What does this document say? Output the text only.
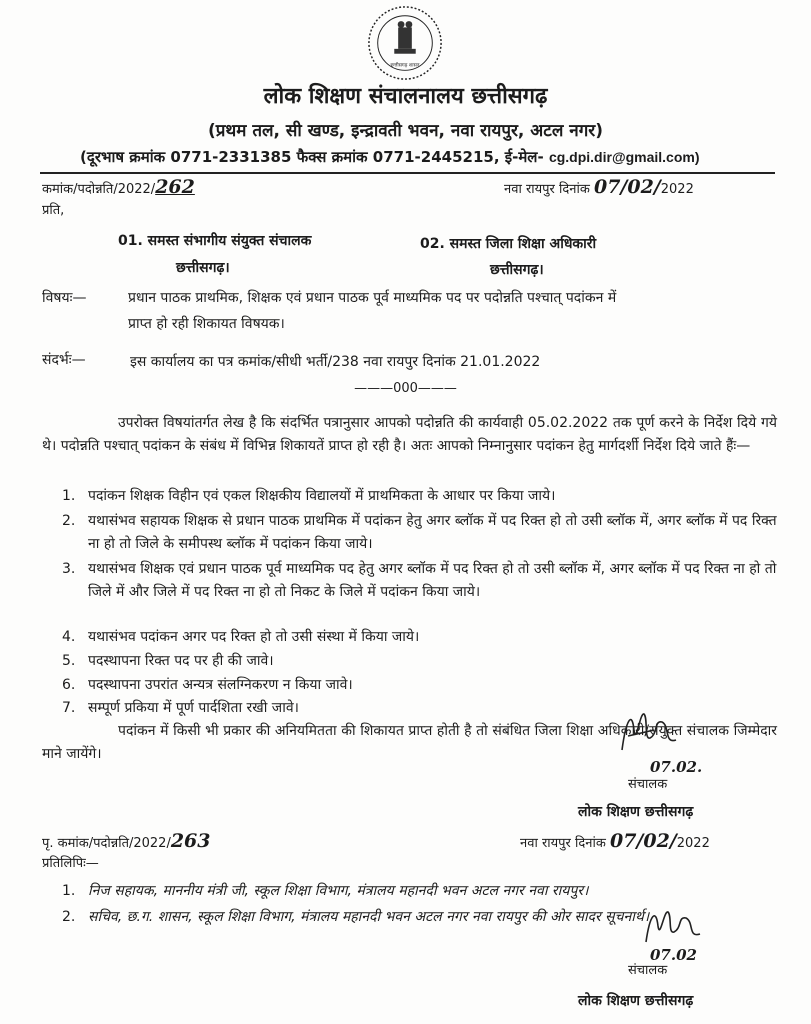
छत्तीसगढ़ शासन
लोक शिक्षण संचालनालय छत्तीसगढ़
(प्रथम तल, सी खण्ड, इन्द्रावती भवन, नवा रायपुर, अटल नगर)
(दूरभाष क्रमांक 0771-2331385 फैक्स क्रमांक 0771-2445215, ई-मेल- cg.dpi.dir@gmail.com)
कमांक/पदोन्नति/2022/262	नवा रायपुर दिनांक 07/02/2022
प्रति,
01. समस्त संभागीय संयुक्त संचालक
छत्तीसगढ़।
02. समस्त जिला शिक्षा अधिकारी
छत्तीसगढ़।
विषयः—	प्रधान पाठक प्राथमिक, शिक्षक एवं प्रधान पाठक पूर्व माध्यमिक पद पर पदोन्नति पश्चात् पदांकन में
प्राप्त हो रही शिकायत विषयक।
संदर्भः—	इस कार्यालय का पत्र कमांक/सीधी भर्ती/238 नवा रायपुर दिनांक 21.01.2022
———000———
उपरोक्त विषयांतर्गत लेख है कि संदर्भित पत्रानुसार आपको पदोन्नति की कार्यवाही 05.02.2022 तक पूर्ण करने के निर्देश दिये गये थे। पदोन्नति पश्चात् पदांकन के संबंध में विभिन्न शिकायतें प्राप्त हो रही है। अतः आपको निम्नानुसार पदांकन हेतु मार्गदर्शी निर्देश दिये जाते हैंः—
1. पदांकन शिक्षक विहीन एवं एकल शिक्षकीय विद्यालयों में प्राथमिकता के आधार पर किया जाये।
2. यथासंभव सहायक शिक्षक से प्रधान पाठक प्राथमिक में पदांकन हेतु अगर ब्लॉक में पद रिक्त हो तो उसी ब्लॉक में, अगर ब्लॉक में पद रिक्त ना हो तो जिले के समीपस्थ ब्लॉक में पदांकन किया जाये।
3. यथासंभव शिक्षक एवं प्रधान पाठक पूर्व माध्यमिक पद हेतु अगर ब्लॉक में पद रिक्त हो तो उसी ब्लॉक में, अगर ब्लॉक में पद रिक्त ना हो तो जिले में और जिले में पद रिक्त ना हो तो निकट के जिले में पदांकन किया जाये।
4. यथासंभव पदांकन अगर पद रिक्त हो तो उसी संस्था में किया जाये।
5. पदस्थापना रिक्त पद पर ही की जावे।
6. पदस्थापना उपरांत अन्यत्र संलग्निकरण न किया जावे।
7. सम्पूर्ण प्रकिया में पूर्ण पार्दशिता रखी जावे।
पदांकन में किसी भी प्रकार की अनियमितता की शिकायत प्राप्त होती है तो संबंधित जिला शिक्षा अधिकारी/संयुक्त संचालक जिम्मेदार माने जायेंगे।
07.02.
संचालक
लोक शिक्षण छत्तीसगढ़
पृ. कमांक/पदोन्नति/2022/263	नवा रायपुर दिनांक 07/02/2022
प्रतिलिपिः—
1. निज सहायक, माननीय मंत्री जी, स्कूल शिक्षा विभाग, मंत्रालय महानदी भवन अटल नगर नवा रायपुर।
2. सचिव, छ.ग. शासन, स्कूल शिक्षा विभाग, मंत्रालय महानदी भवन अटल नगर नवा रायपुर की ओर सादर सूचनार्थ।
07.02
संचालक
लोक शिक्षण छत्तीसगढ़
